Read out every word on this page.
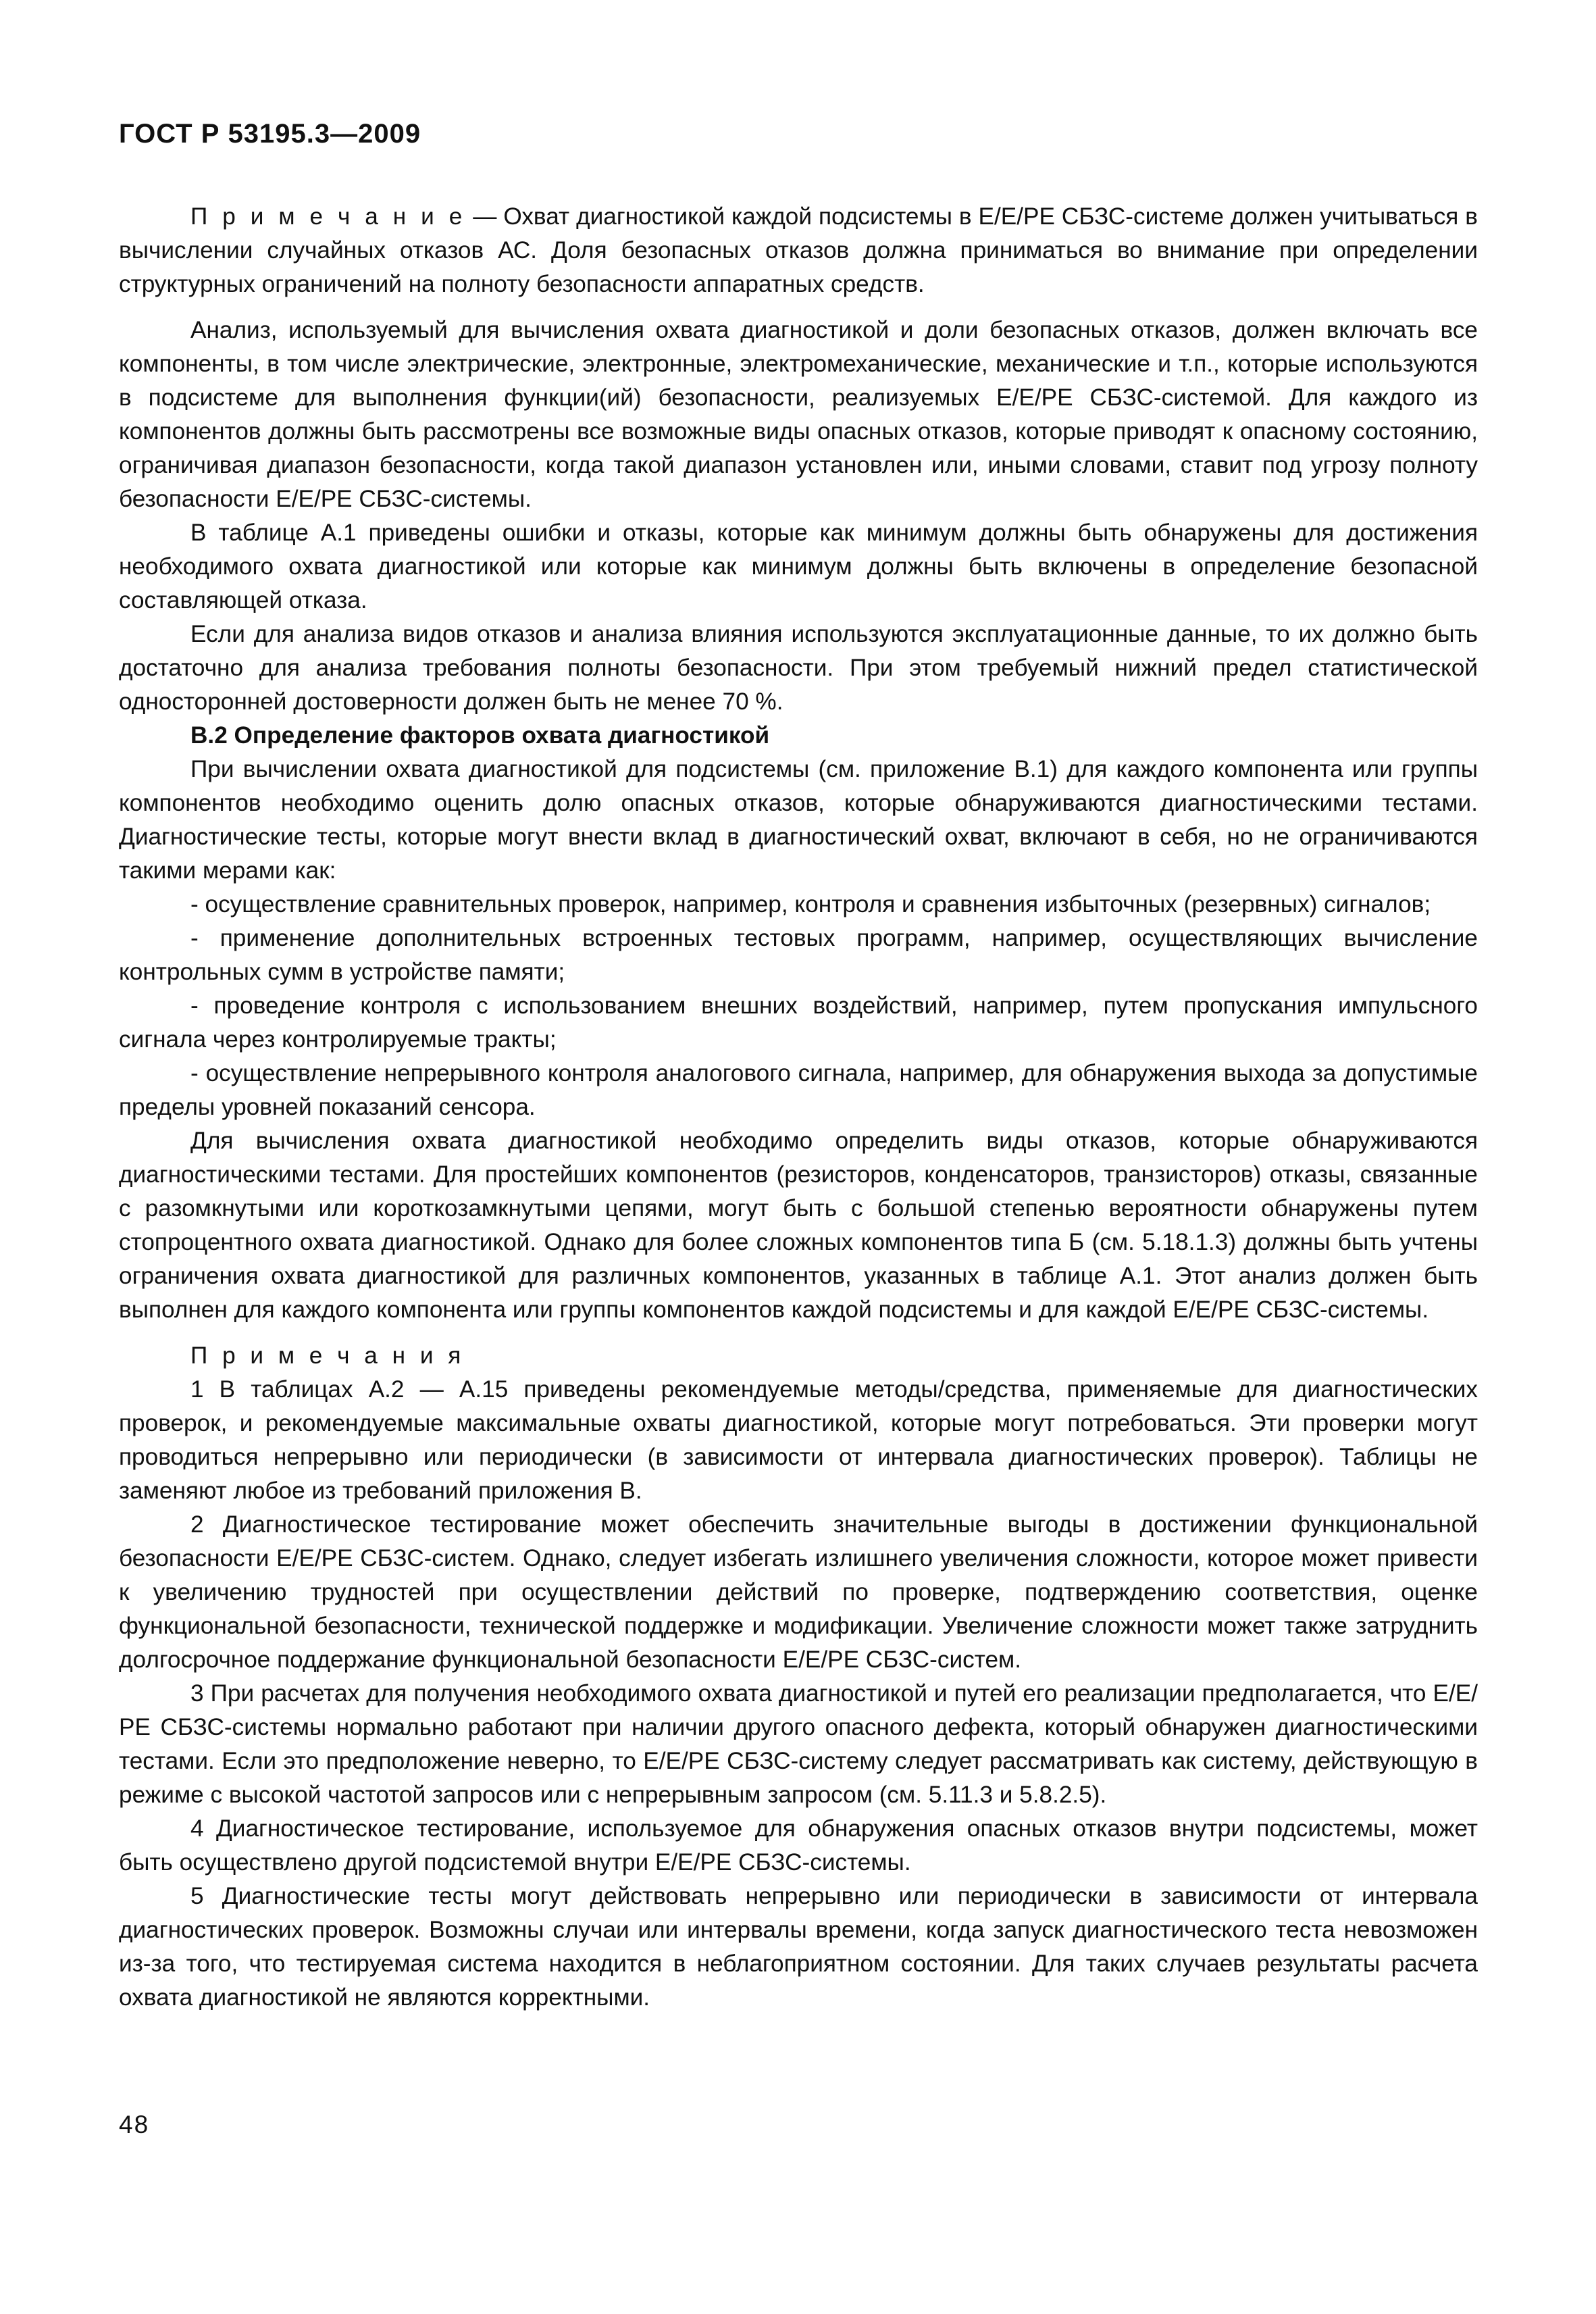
ГОСТ Р 53195.3—2009

П р и м е ч а н и е — Охват диагностикой каждой подсистемы в Е/Е/РЕ СБЗС-системе должен учитываться в вычислении случайных отказов АС. Доля безопасных отказов должна приниматься во внимание при определении структурных ограничений на полноту безопасности аппаратных средств.

Анализ, используемый для вычисления охвата диагностикой и доли безопасных отказов, должен включать все компоненты, в том числе электрические, электронные, электромеханические, механические и т.п., которые используются в подсистеме для выполнения функции(ий) безопасности, реализуемых Е/Е/РЕ СБЗС-системой. Для каждого из компонентов должны быть рассмотрены все возможные виды опасных отказов, которые приводят к опасному состоянию, ограничивая диапазон безопасности, когда такой диапазон установлен или, иными словами, ставит под угрозу полноту безопасности Е/Е/РЕ СБЗС-системы.

В таблице А.1 приведены ошибки и отказы, которые как минимум должны быть обнаружены для достижения необходимого охвата диагностикой или которые как минимум должны быть включены в определение безопасной составляющей отказа.

Если для анализа видов отказов и анализа влияния используются эксплуатационные данные, то их должно быть достаточно для анализа требования полноты безопасности. При этом требуемый нижний предел статистической односторонней достоверности должен быть не менее 70 %.

В.2 Определение факторов охвата диагностикой

При вычислении охвата диагностикой для подсистемы (см. приложение В.1) для каждого компонента или группы компонентов необходимо оценить долю опасных отказов, которые обнаруживаются диагностическими тестами. Диагностические тесты, которые могут внести вклад в диагностический охват, включают в себя, но не ограничиваются такими мерами как:

- осуществление сравнительных проверок, например, контроля и сравнения избыточных (резервных) сигналов;

- применение дополнительных встроенных тестовых программ, например, осуществляющих вычисление контрольных сумм в устройстве памяти;

- проведение контроля с использованием внешних воздействий, например, путем пропускания импульсного сигнала через контролируемые тракты;

- осуществление непрерывного контроля аналогового сигнала, например, для обнаружения выхода за допустимые пределы уровней показаний сенсора.

Для вычисления охвата диагностикой необходимо определить виды отказов, которые обнаруживаются диагностическими тестами. Для простейших компонентов (резисторов, конденсаторов, транзисторов) отказы, связанные с разомкнутыми или короткозамкнутыми цепями, могут быть с большой степенью вероятности обнаружены путем стопроцентного охвата диагностикой. Однако для более сложных компонентов типа Б (см. 5.18.1.3) должны быть учтены ограничения охвата диагностикой для различных компонентов, указанных в таблице А.1. Этот анализ должен быть выполнен для каждого компонента или группы компонентов каждой подсистемы и для каждой Е/Е/РЕ СБЗС-системы.

П р и м е ч а н и я

1 В таблицах А.2 — А.15 приведены рекомендуемые методы/средства, применяемые для диагностических проверок, и рекомендуемые максимальные охваты диагностикой, которые могут потребоваться. Эти проверки могут проводиться непрерывно или периодически (в зависимости от интервала диагностических проверок). Таблицы не заменяют любое из требований приложения В.

2 Диагностическое тестирование может обеспечить значительные выгоды в достижении функциональной безопасности Е/Е/РЕ СБЗС-систем. Однако, следует избегать излишнего увеличения сложности, которое может привести к увеличению трудностей при осуществлении действий по проверке, подтверждению соответствия, оценке функциональной безопасности, технической поддержке и модификации. Увеличение сложности может также затруднить долгосрочное поддержание функциональной безопасности Е/Е/РЕ СБЗС-систем.

3 При расчетах для получения необходимого охвата диагностикой и путей его реализации предполагается, что Е/Е/РЕ СБЗС-системы нормально работают при наличии другого опасного дефекта, который обнаружен диагностическими тестами. Если это предположение неверно, то Е/Е/РЕ СБЗС-систему следует рассматривать как систему, действующую в режиме с высокой частотой запросов или с непрерывным запросом (см. 5.11.3 и 5.8.2.5).

4 Диагностическое тестирование, используемое для обнаружения опасных отказов внутри подсистемы, может быть осуществлено другой подсистемой внутри Е/Е/РЕ СБЗС-системы.

5 Диагностические тесты могут действовать непрерывно или периодически в зависимости от интервала диагностических проверок. Возможны случаи или интервалы времени, когда запуск диагностического теста невозможен из-за того, что тестируемая система находится в неблагоприятном состоянии. Для таких случаев результаты расчета охвата диагностикой не являются корректными.

48
